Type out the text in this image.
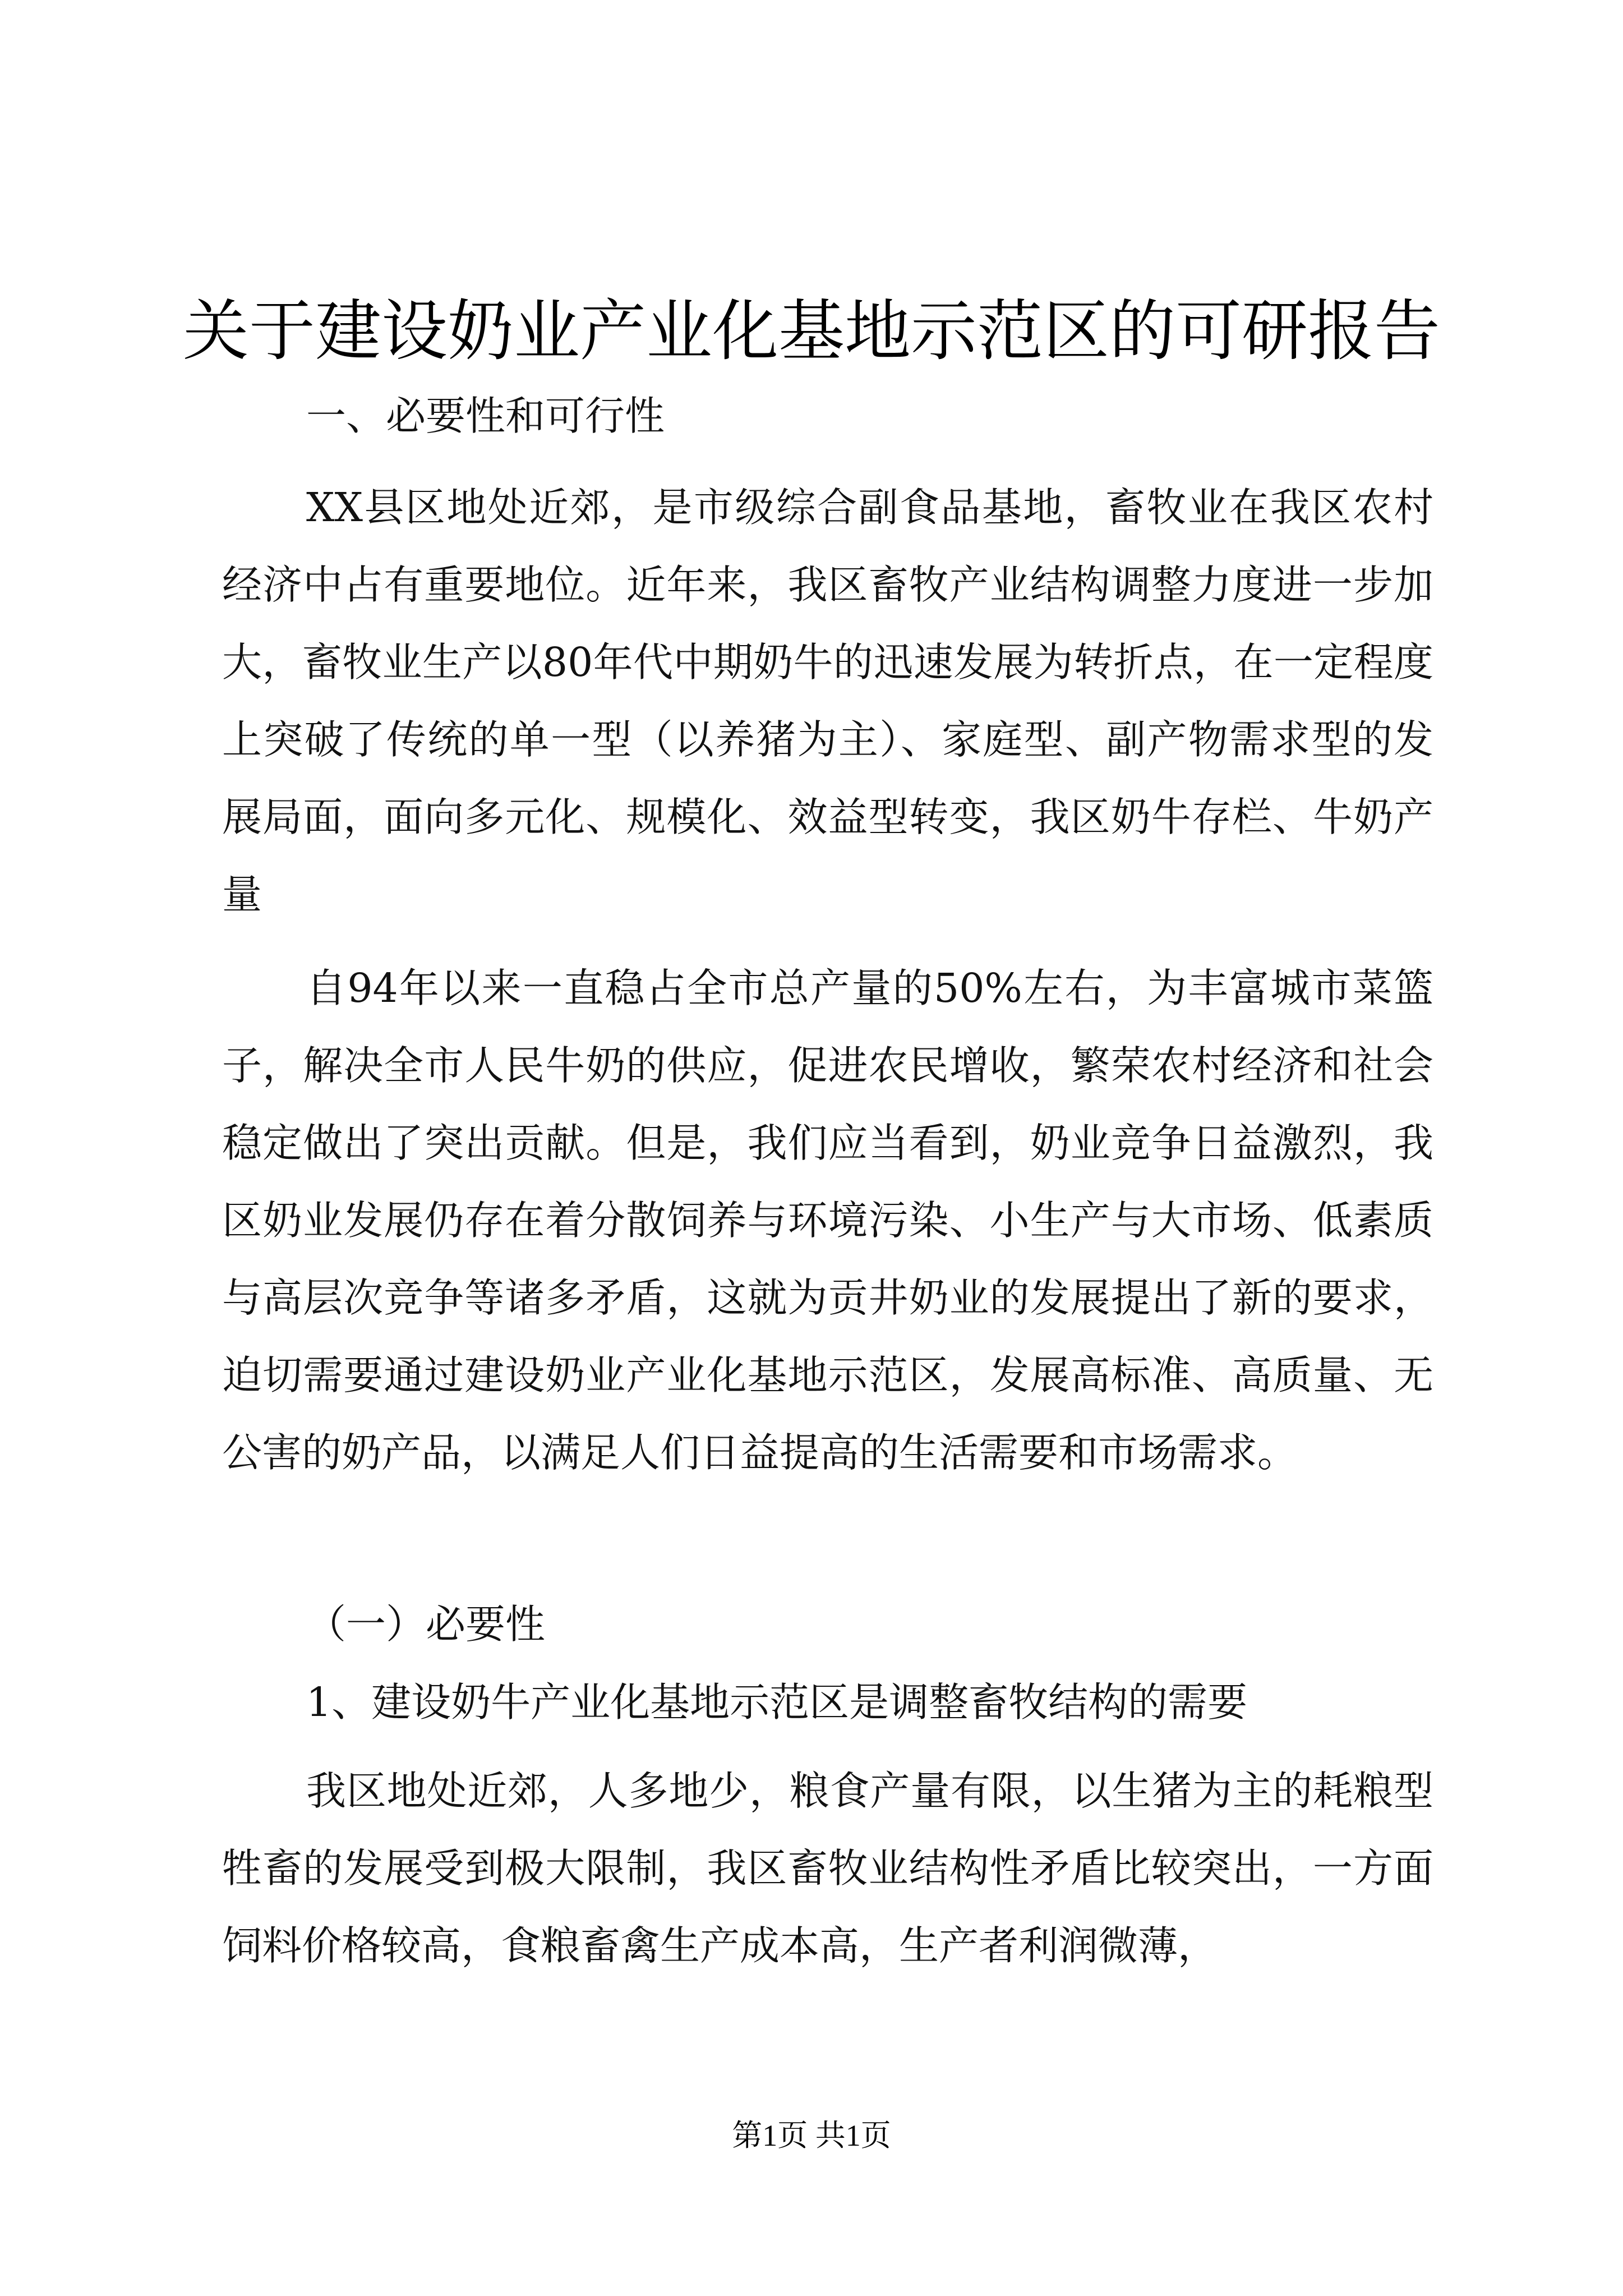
关于建设奶业产业化基地示范区的可研报告
一、必要性和可行性

XX县区地处近郊，是市级综合副食品基地，畜牧业在我区农村经济中占有重要地位。近年来，我区畜牧产业结构调整力度进一步加大，畜牧业生产以80年代中期奶牛的迅速发展为转折点，在一定程度上突破了传统的单一型（以养猪为主）、家庭型、副产物需求型的发展局面，面向多元化、规模化、效益型转变，我区奶牛存栏、牛奶产量

自94年以来一直稳占全市总产量的50%左右，为丰富城市菜篮子，解决全市人民牛奶的供应，促进农民增收，繁荣农村经济和社会稳定做出了突出贡献。但是，我们应当看到，奶业竞争日益激烈，我区奶业发展仍存在着分散饲养与环境污染、小生产与大市场、低素质与高层次竞争等诸多矛盾，这就为贡井奶业的发展提出了新的要求，迫切需要通过建设奶业产业化基地示范区，发展高标准、高质量、无公害的奶产品，以满足人们日益提高的生活需要和市场需求。

（一）必要性
1、建设奶牛产业化基地示范区是调整畜牧结构的需要

我区地处近郊，人多地少，粮食产量有限，以生猪为主的耗粮型牲畜的发展受到极大限制，我区畜牧业结构性矛盾比较突出，一方面饲料价格较高，食粮畜禽生产成本高，生产者利润微薄，

第1页 共1页
